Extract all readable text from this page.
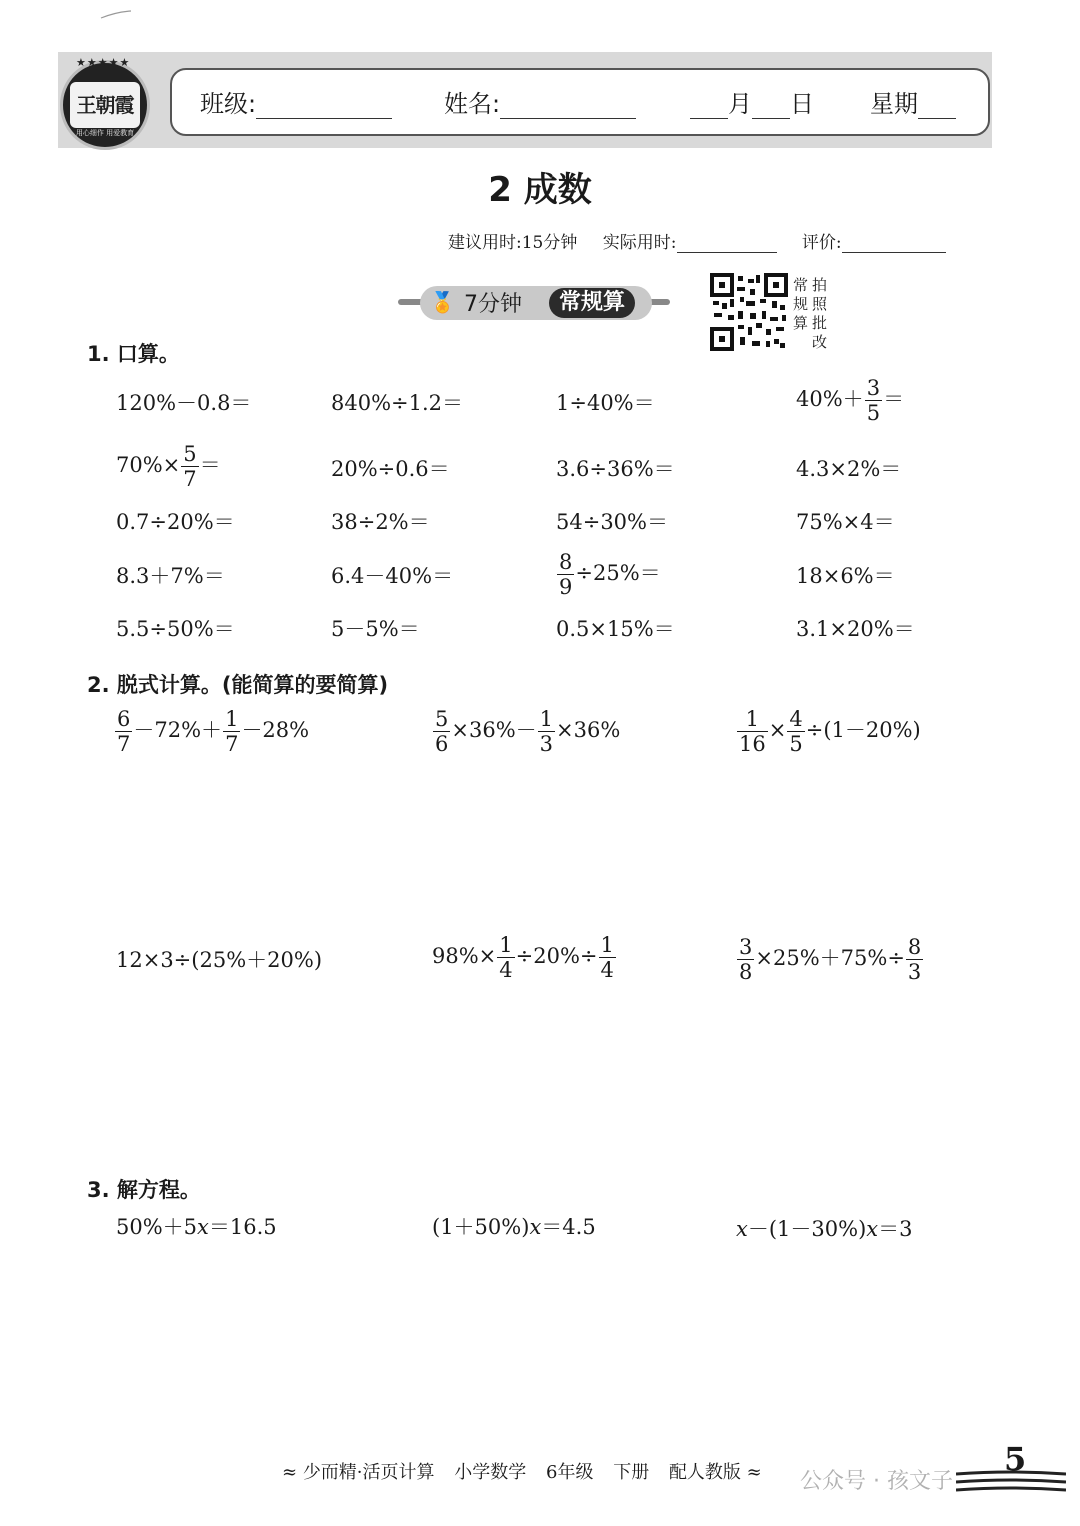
★★★★★
王朝霞
用心细作 用爱教育
班级:	姓名:	月 日 星期
2 成数
建议用时:15分钟 实际用时:	评价:
🏅 7分钟	常规算
常规算
拍照批改
1. 口算。
120%－0.8＝	840%÷1.2＝	1÷40%＝	$40\%+ \frac{3}{5}$ ＝
$70\%\times \frac{5}{7}$ ＝	20%÷0.6＝	3.6÷36%＝	4.3×2%＝
0.7÷20%＝	38÷2%＝	54÷30%＝	75%×4＝
8.3＋7%＝	6.4－40%＝	$\frac{8}{9} \div 25\%=$	18×6%＝
5.5÷50%＝	5－5%＝	0.5×15%＝	3.1×20%＝
2. 脱式计算。(能简算的要简算)
$\frac{6}{7} -72\%+ \frac{1}{7} -28\%$	$\frac{5}{6} \times 36\%- \frac{1}{3} \times 36\%$	$\frac{1}{16} \times \frac{4}{5} \div(1-20\%)$
12×3÷(25%＋20%)	$98\%\times \frac{1}{4} \div 20\%\div \frac{1}{4}$	$\frac{3}{8} \times 25\%+75\%\div \frac{8}{3}$
3. 解方程。
50%＋5x＝16.5	(1＋50%)x＝4.5	x－(1－30%)x＝3
≈ 少而精·活页计算 小学数学 6年级 下册 配人教版 ≈ 公众号 · 孩文子
5
